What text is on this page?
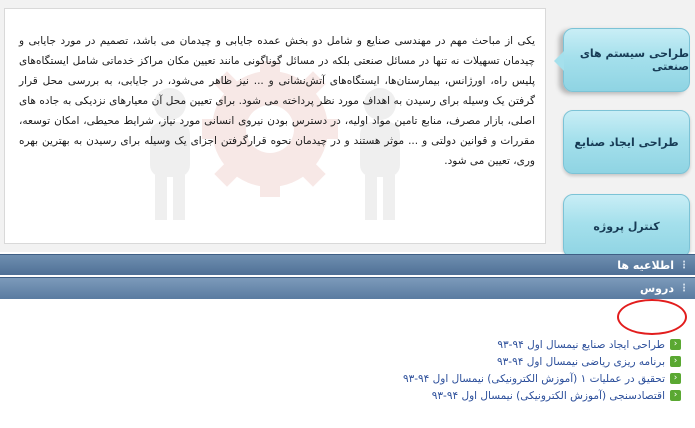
یکی از مباحث مهم در مهندسی صنایع و شامل دو بخش عمده جایابی و چیدمان می باشد، تصمیم در مورد جایابی و چیدمان تسهیلات نه تنها در مسائل صنعتی بلکه در مسائل گوناگونی مانند تعیین مکان مراکز خدماتی شامل ایستگاه‌های پلیس راه، اورژانس، بیمارستان‌ها، ایستگاه‌های آتش‌نشانی و ... نیز ظاهر می‌شود، در جایابی، به بررسی محل قرار گرفتن یک وسیله برای رسیدن به اهداف مورد نظر پرداخته می شود. برای تعیین محل آن معیارهای نزدیکی به جاده های اصلی، بازار مصرف، منابع تامین مواد اولیه، در دسترس بودن نیروی انسانی مورد نیاز، شرایط محیطی، امکان توسعه، مقررات و قوانین دولتی و ... موثر هستند و در چیدمان نحوه قرارگرفتن اجزای یک وسیله برای رسیدن به بهترین بهره وری، تعیین می شود.

طراحی سیستم های صنعتی
طراحی ایجاد صنایع
کنترل پروژه
⋮
اطلاعیه ها
⋮
دروس
‹
طراحی ایجاد صنایع نیمسال اول ۹۴-۹۳
‹
برنامه ریزی ریاضی نیمسال اول ۹۴-۹۳
‹
تحقیق در عملیات ۱ (آموزش الکترونیکی) نیمسال اول ۹۴-۹۳
‹
اقتصادسنجی (آموزش الکترونیکی) نیمسال اول ۹۴-۹۳
